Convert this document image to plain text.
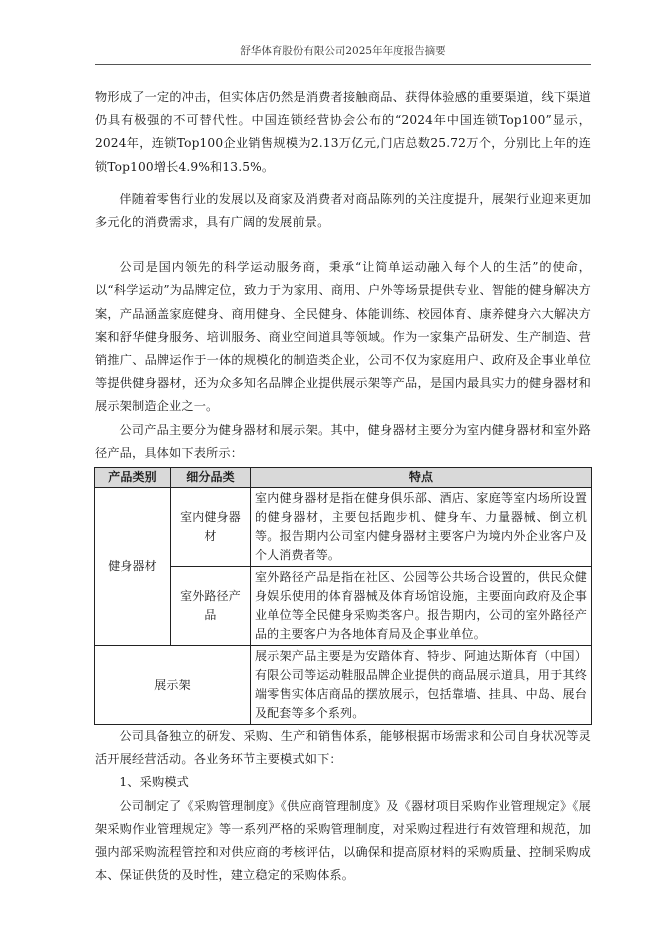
舒华体育股份有限公司2025年年度报告摘要

物形成了一定的冲击，但实体店仍然是消费者接触商品、获得体验感的重要渠道，线下渠道仍具有极强的不可替代性。中国连锁经营协会公布的“2024年中国连锁Top100”显示，2024年，连锁Top100企业销售规模为2.13万亿元,门店总数25.72万个，分别比上年的连锁Top100增长4.9%和13.5%。

伴随着零售行业的发展以及商家及消费者对商品陈列的关注度提升，展架行业迎来更加多元化的消费需求，具有广阔的发展前景。

公司是国内领先的科学运动服务商，秉承“让简单运动融入每个人的生活”的使命，以“科学运动”为品牌定位，致力于为家用、商用、户外等场景提供专业、智能的健身解决方案，产品涵盖家庭健身、商用健身、全民健身、体能训练、校园体育、康养健身六大解决方案和舒华健身服务、培训服务、商业空间道具等领域。作为一家集产品研发、生产制造、营销推广、品牌运作于一体的规模化的制造类企业，公司不仅为家庭用户、政府及企事业单位等提供健身器材，还为众多知名品牌企业提供展示架等产品，是国内最具实力的健身器材和展示架制造企业之一。

公司产品主要分为健身器材和展示架。其中，健身器材主要分为室内健身器材和室外路径产品，具体如下表所示：

产品类别	细分品类	特点
健身器材	室内健身器材	室内健身器材是指在健身俱乐部、酒店、家庭等室内场所设置的健身器材，主要包括跑步机、健身车、力量器械、倒立机等。报告期内公司室内健身器材主要客户为境内外企业客户及个人消费者等。
	室外路径产品	室外路径产品是指在社区、公园等公共场合设置的，供民众健身娱乐使用的体育器械及体育场馆设施，主要面向政府及企事业单位等全民健身采购类客户。报告期内，公司的室外路径产品的主要客户为各地体育局及企事业单位。
展示架		展示架产品主要是为安踏体育、特步、阿迪达斯体育（中国）有限公司等运动鞋服品牌企业提供的商品展示道具，用于其终端零售实体店商品的摆放展示，包括靠墙、挂具、中岛、展台及配套等多个系列。

公司具备独立的研发、采购、生产和销售体系，能够根据市场需求和公司自身状况等灵活开展经营活动。各业务环节主要模式如下：

1、采购模式

公司制定了《采购管理制度》《供应商管理制度》及《器材项目采购作业管理规定》《展架采购作业管理规定》等一系列严格的采购管理制度，对采购过程进行有效管理和规范，加强内部采购流程管控和对供应商的考核评估，以确保和提高原材料的采购质量、控制采购成本、保证供货的及时性，建立稳定的采购体系。
